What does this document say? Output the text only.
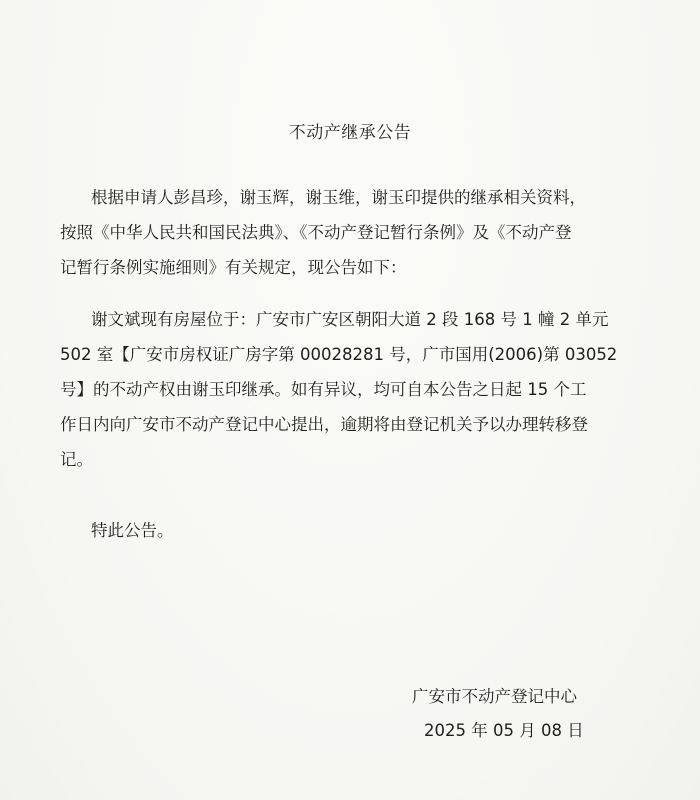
不动产继承公告
根据申请人彭昌珍，谢玉辉，谢玉维，谢玉印提供的继承相关资料，
按照《中华人民共和国民法典》、《不动产登记暂行条例》及《不动产登
记暂行条例实施细则》有关规定，现公告如下：
谢文斌现有房屋位于：广安市广安区朝阳大道 2 段 168 号 1 幢 2 单元
502 室【广安市房权证广房字第 00028281 号，广市国用(2006)第 03052
号】的不动产权由谢玉印继承。如有异议，均可自本公告之日起 15 个工
作日内向广安市不动产登记中心提出，逾期将由登记机关予以办理转移登
记。
特此公告。
广安市不动产登记中心
2025 年 05 月 08 日
